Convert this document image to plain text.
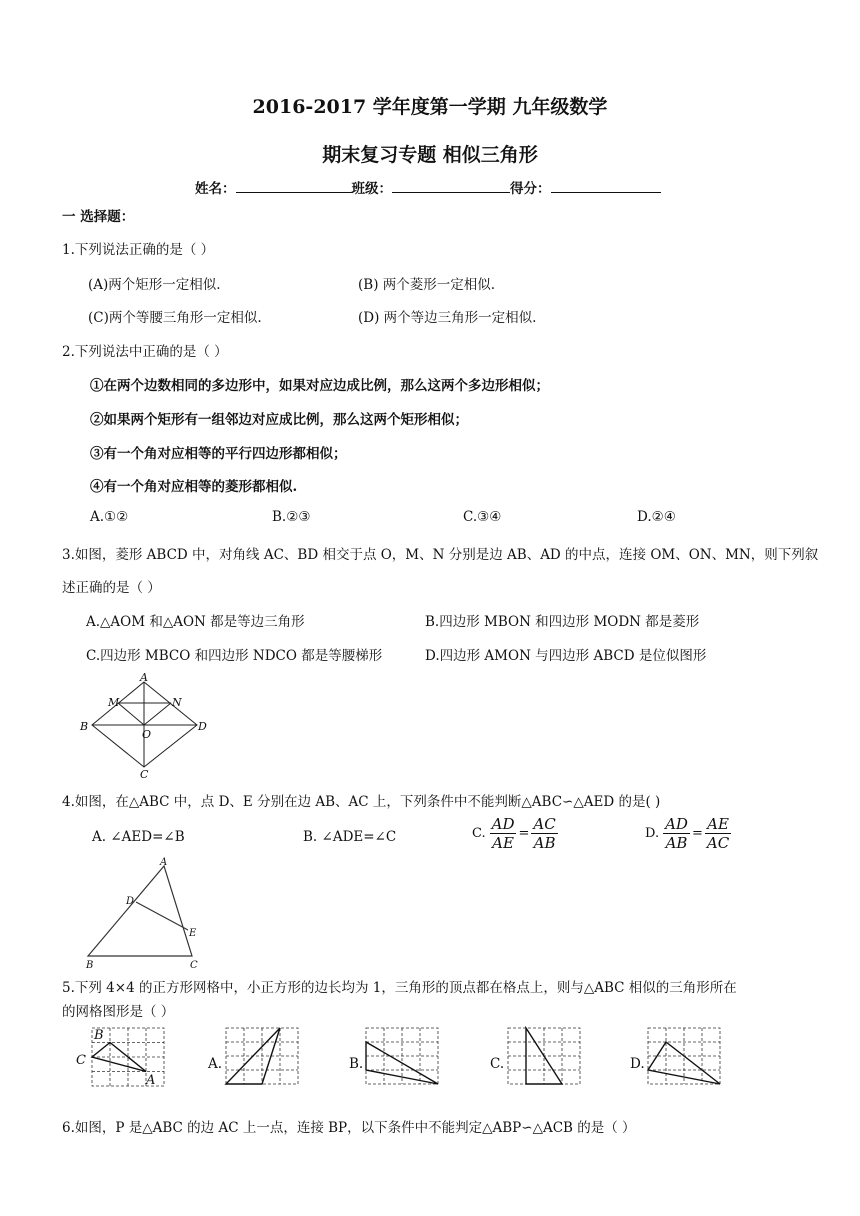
2016-2017 学年度第一学期 九年级数学
期末复习专题 相似三角形
姓名：	班级：	得分：
一 选择题：
1.下列说法正确的是（ ）
(A)两个矩形一定相似.	(B) 两个菱形一定相似.
(C)两个等腰三角形一定相似.	(D) 两个等边三角形一定相似.
2.下列说法中正确的是（ ）
①在两个边数相同的多边形中，如果对应边成比例，那么这两个多边形相似；
②如果两个矩形有一组邻边对应成比例，那么这两个矩形相似；
③有一个角对应相等的平行四边形都相似；
④有一个角对应相等的菱形都相似.
A.①②	B.②③	C.③④	D.②④
3.如图，菱形 ABCD 中，对角线 AC、BD 相交于点 O，M、N 分别是边 AB、AD 的中点，连接 OM、ON、MN，则下列叙
述正确的是（ ）
A.△AOM 和△AON 都是等边三角形	B.四边形 MBON 和四边形 MODN 都是菱形
C.四边形 MBCO 和四边形 NDCO 都是等腰梯形	D.四边形 AMON 与四边形 ABCD 是位似图形
A
M	N
B
O
D
C
4.如图，在△ABC 中，点 D、E 分别在边 AB、AC 上，下列条件中不能判断△ABC∽△AED 的是( )
A. ∠AED=∠B	B. ∠ADE=∠C	C. $\frac{AD}{AE} = \frac{AC}{AB}$	D. $\frac{AD}{AB} = \frac{AE}{AC}$
A
D
E
B	C
5.下列 4×4 的正方形网格中，小正方形的边长均为 1，三角形的顶点都在格点上，则与△ABC 相似的三角形所在
的网格图形是（ ）
B
C
A
A.	B.	C.	D.
6.如图，P 是△ABC 的边 AC 上一点，连接 BP，以下条件中不能判定△ABP∽△ACB 的是（ ）
